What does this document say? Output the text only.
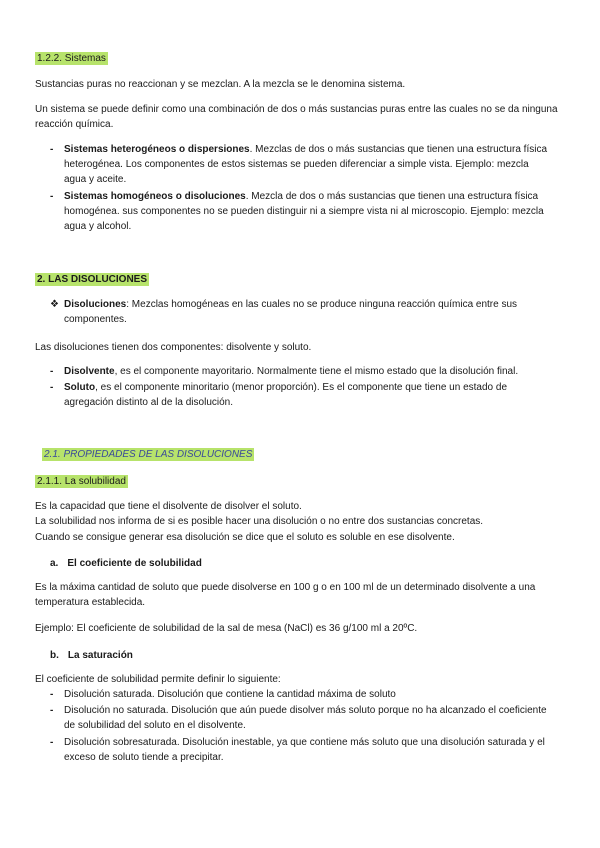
1.2.2. Sistemas

Sustancias puras no reaccionan y se mezclan. A la mezcla se le denomina sistema.

Un sistema se puede definir como una combinación de dos o más sustancias puras entre las cuales no se da ninguna reacción química.

-	Sistemas heterogéneos o dispersiones. Mezclas de dos o más sustancias que tienen una estructura física heterogénea. Los componentes de estos sistemas se pueden diferenciar a simple vista. Ejemplo: mezcla agua y aceite.
-	Sistemas homogéneos o disoluciones. Mezcla de dos o más sustancias que tienen una estructura física homogénea. sus componentes no se pueden distinguir ni a siempre vista ni al microscopio. Ejemplo: mezcla agua y alcohol.

2. LAS DISOLUCIONES

❖ Disoluciones: Mezclas homogéneas en las cuales no se produce ninguna reacción química entre sus componentes.

Las disoluciones tienen dos componentes: disolvente y soluto.

-	Disolvente, es el componente mayoritario. Normalmente tiene el mismo estado que la disolución final.
-	Soluto, es el componente minoritario (menor proporción). Es el componente que tiene un estado de agregación distinto al de la disolución.

2.1. PROPIEDADES DE LAS DISOLUCIONES

2.1.1. La solubilidad

Es la capacidad que tiene el disolvente de disolver el soluto.

La solubilidad nos informa de si es posible hacer una disolución o no entre dos sustancias concretas.

Cuando se consigue generar esa disolución se dice que el soluto es soluble en ese disolvente.

a. El coeficiente de solubilidad

Es la máxima cantidad de soluto que puede disolverse en 100 g o en 100 ml de un determinado disolvente a una temperatura establecida.

Ejemplo: El coeficiente de solubilidad de la sal de mesa (NaCl) es 36 g/100 ml a 20ºC.

b. La saturación

El coeficiente de solubilidad permite definir lo siguiente:

-	Disolución saturada. Disolución que contiene la cantidad máxima de soluto
-	Disolución no saturada. Disolución que aún puede disolver más soluto porque no ha alcanzado el coeficiente de solubilidad del soluto en el disolvente.
-	Disolución sobresaturada. Disolución inestable, ya que contiene más soluto que una disolución saturada y el exceso de soluto tiende a precipitar.
